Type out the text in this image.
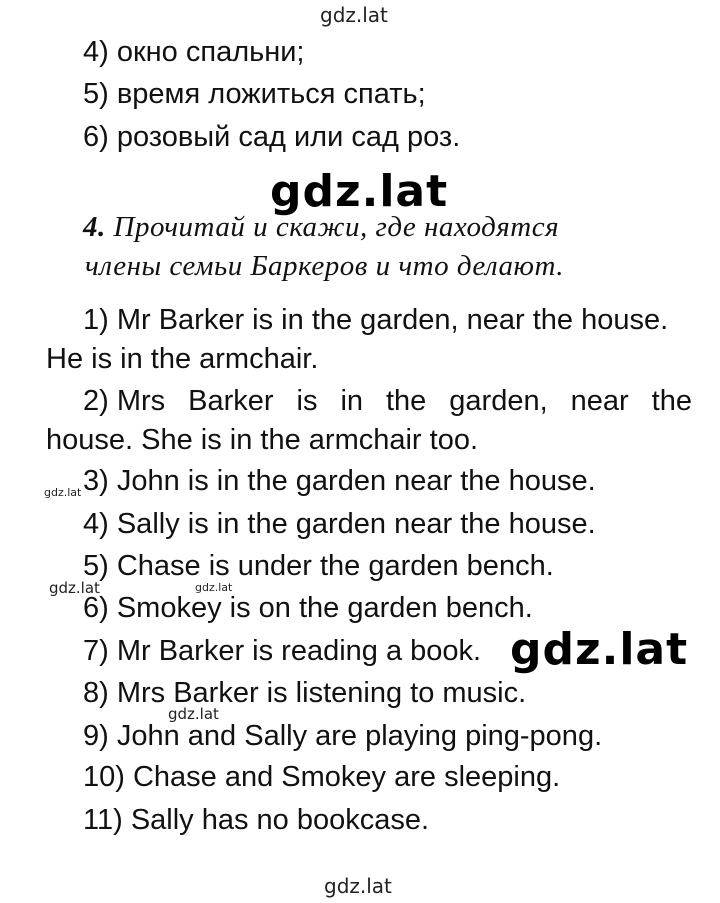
gdz.lat
4) окно спальни;
5) время ложиться спать;
6) розовый сад или сад роз.
gdz.lat
4. Прочитай и скажи, где находятся
члены семьи Баркеров и что делают.
1) Mr Barker is in the garden, near the house.
He is in the armchair.
2) Mrs Barker is in the garden, near the
house. She is in the armchair too.
gdz.lat 3) John is in the garden near the house.
4) Sally is in the garden near the house.
5) Chase is under the garden bench.
gdz.lat	gdz.lat
6) Smokey is on the garden bench.
7) Mr Barker is reading a book. gdz.lat
8) Mrs Barker is listening to music.
gdz.lat
9) John and Sally are playing ping-pong.
10) Chase and Smokey are sleeping.
11) Sally has no bookcase.
gdz.lat
